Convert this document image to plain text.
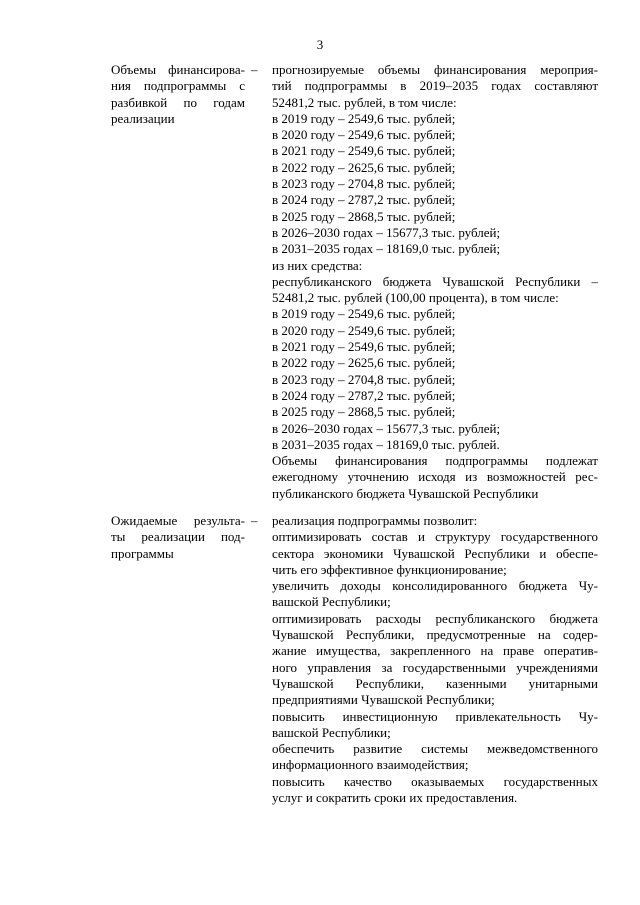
3
Объемы финансирова-
ния подпрограммы с
разбивкой по годам
реализации
– прогнозируемые объемы финансирования мероприя-
тий подпрограммы в 2019–2035 годах составляют
52481,2 тыс. рублей, в том числе:
в 2019 году – 2549,6 тыс. рублей;
в 2020 году – 2549,6 тыс. рублей;
в 2021 году – 2549,6 тыс. рублей;
в 2022 году – 2625,6 тыс. рублей;
в 2023 году – 2704,8 тыс. рублей;
в 2024 году – 2787,2 тыс. рублей;
в 2025 году – 2868,5 тыс. рублей;
в 2026–2030 годах – 15677,3 тыс. рублей;
в 2031–2035 годах – 18169,0 тыс. рублей;
из них средства:
республиканского бюджета Чувашской Республики –
52481,2 тыс. рублей (100,00 процента), в том числе:
в 2019 году – 2549,6 тыс. рублей;
в 2020 году – 2549,6 тыс. рублей;
в 2021 году – 2549,6 тыс. рублей;
в 2022 году – 2625,6 тыс. рублей;
в 2023 году – 2704,8 тыс. рублей;
в 2024 году – 2787,2 тыс. рублей;
в 2025 году – 2868,5 тыс. рублей;
в 2026–2030 годах – 15677,3 тыс. рублей;
в 2031–2035 годах – 18169,0 тыс. рублей.
Объемы финансирования подпрограммы подлежат
ежегодному уточнению исходя из возможностей рес-
публиканского бюджета Чувашской Республики
Ожидаемые результа-
ты реализации под-
программы
– реализация подпрограммы позволит:
оптимизировать состав и структуру государственного
сектора экономики Чувашской Республики и обеспе-
чить его эффективное функционирование;
увеличить доходы консолидированного бюджета Чу-
вашской Республики;
оптимизировать расходы республиканского бюджета
Чувашской Республики, предусмотренные на содер-
жание имущества, закрепленного на праве оператив-
ного управления за государственными учреждениями
Чувашской Республики, казенными унитарными
предприятиями Чувашской Республики;
повысить инвестиционную привлекательность Чу-
вашской Республики;
обеспечить развитие системы межведомственного
информационного взаимодействия;
повысить качество оказываемых государственных
услуг и сократить сроки их предоставления.
